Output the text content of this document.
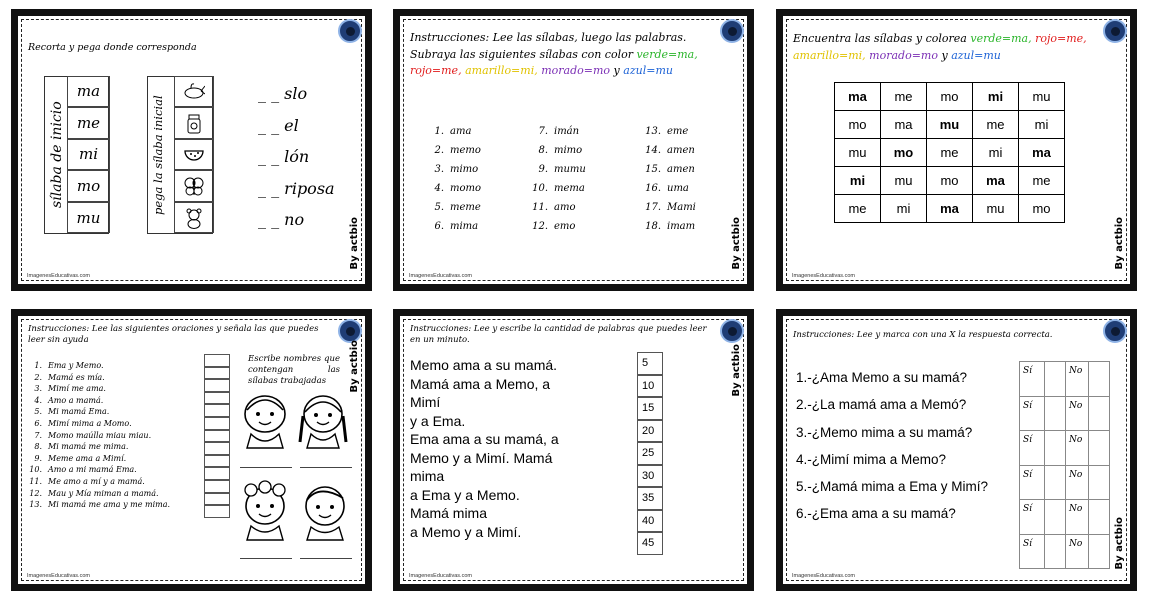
Recorta y pega donde corresponda
sílaba de inicio
ma
me
mi
mo
mu
pega la sílaba inicial
_ _ slo
_ _ el
_ _ lón
_ _ riposa
_ _ no
ImagenesEducativas.com
By actbio
Instrucciones: Lee las sílabas, luego las palabras.
Subraya las siguientes sílabas con color verde=ma,
rojo=me, amarillo=mi, morado=mo y azul=mu
1. ama
2. memo
3. mimo
4. momo
5. meme
6. mima
7. imán
8. mimo
9. mumu
10. mema
11. amo
12. emo
13. eme
14. amen
15. amen
16. uma
17. Mami
18. imam
ImagenesEducativas.com
By actbio
Encuentra las sílabas y colorea verde=ma, rojo=me,
amarillo=mi, morado=mo y azul=mu
ma	me	mo	mi	mu
mo	ma	mu	me	mi
mu	mo	me	mi	ma
mi	mu	mo	ma	me
me	mi	ma	mu	mo
ImagenesEducativas.com
By actbio
Instrucciones: Lee las siguientes oraciones y señala las que puedes leer sin ayuda
1. Ema y Memo.
2. Mamá es mía.
3. Mimí me ama.
4. Amo a mamá.
5. Mi mamá Ema.
6. Mimí mima a Momo.
7. Momo maúlla miau miau.
8. Mi mamá me mima.
9. Meme ama a Mimí.
10. Amo a mi mamá Ema.
11. Me amo a mí y a mamá.
12. Mau y Mía miman a mamá.
13. Mi mamá me ama y me mima.
Escribe nombres que contengan las sílabas trabajadas
ImagenesEducativas.com
By actbio
Instrucciones: Lee y escribe la cantidad de palabras que puedes leer en un minuto.
Memo ama a su mamá.
Mamá ama a Memo, a
Mimí
y a Ema.
Ema ama a su mamá, a
Memo y a Mimí. Mamá
mima
a Ema y a Memo.
Mamá mima
a Memo y a Mimí.
5
10
15
20
25
30
35
40
45
ImagenesEducativas.com
By actbio
Instrucciones: Lee y marca con una X la respuesta correcta.
1.-¿Ama Memo a su mamá?
2.-¿La mamá ama a Memó?
3.-¿Memo mima a su mamá?
4.-¿Mimí mima a Memo?
5.-¿Mamá mima a Ema y Mimí?
6.-¿Ema ama a su mamá?
Sí		No	
Sí		No	
Sí		No	
Sí		No	
Sí		No	
Sí		No	
ImagenesEducativas.com
By actbio
